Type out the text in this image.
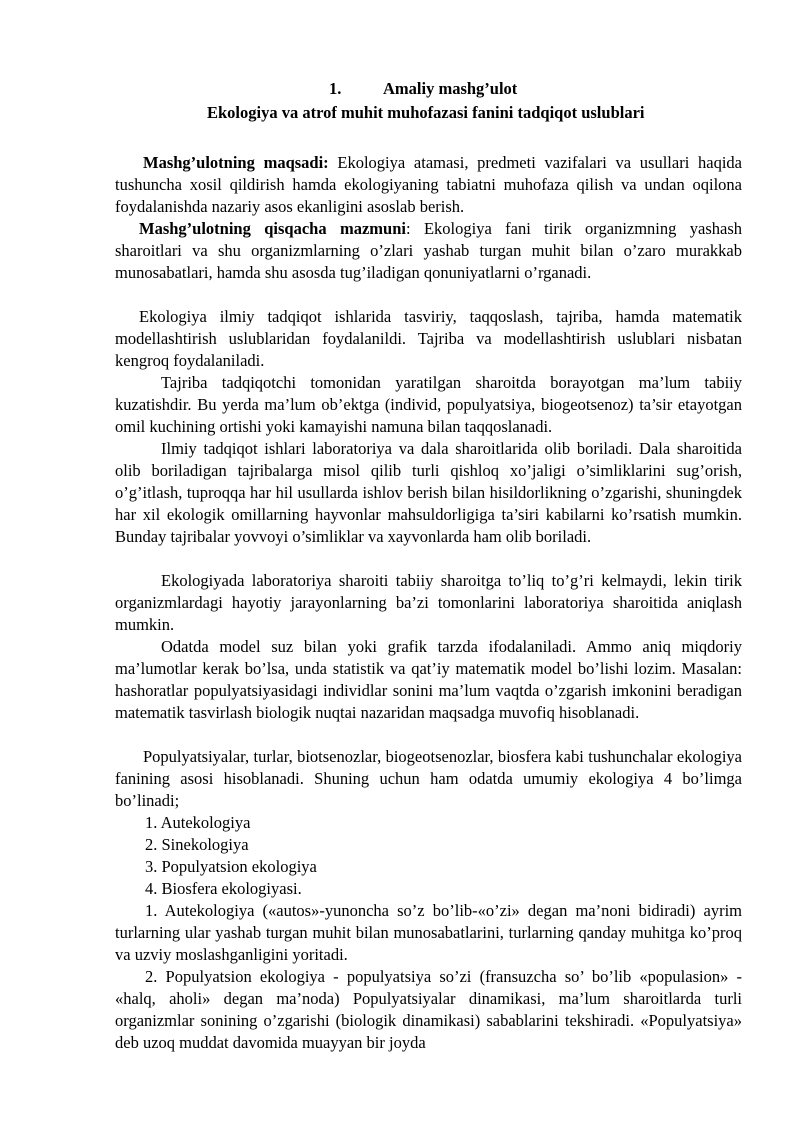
1.	Amaliy mashg’ulot
Ekologiya va atrof muhit muhofazasi fanini tadqiqot uslublari

Mashg’ulotning maqsadi: Ekologiya atamasi, predmeti vazifalari va usullari haqida tushuncha xosil qildirish hamda ekologiyaning tabiatni muhofaza qilish va undan oqilona foydalanishda nazariy asos ekanligini asoslab berish.

Mashg’ulotning qisqacha mazmuni: Ekologiya fani tirik organizmning yashash sharoitlari va shu organizmlarning o’zlari yashab turgan muhit bilan o’zaro murakkab munosabatlari, hamda shu asosda tug’iladigan qonuniyatlarni o’rganadi.

Ekologiya ilmiy tadqiqot ishlarida tasviriy, taqqoslash, tajriba, hamda matematik modellashtirish uslublaridan foydalanildi. Tajriba va modellashtirish uslublari nisbatan kengroq foydalaniladi.

Tajriba tadqiqotchi tomonidan yaratilgan sharoitda borayotgan ma’lum tabiiy kuzatishdir. Bu yerda ma’lum ob’ektga (individ, populyatsiya, biogeotsenoz) ta’sir etayotgan omil kuchining ortishi yoki kamayishi namuna bilan taqqoslanadi.

Ilmiy tadqiqot ishlari laboratoriya va dala sharoitlarida olib boriladi. Dala sharoitida olib boriladigan tajribalarga misol qilib turli qishloq xo’jaligi o’simliklarini sug’orish, o’g’itlash, tuproqqa har hil usullarda ishlov berish bilan hisildorlikning o’zgarishi, shuningdek har xil ekologik omillarning hayvonlar mahsuldorligiga ta’siri kabilarni ko’rsatish mumkin. Bunday tajribalar yovvoyi o’simliklar va xayvonlarda ham olib boriladi.

Ekologiyada laboratoriya sharoiti tabiiy sharoitga to’liq to’g’ri kelmaydi, lekin tirik organizmlardagi hayotiy jarayonlarning ba’zi tomonlarini laboratoriya sharoitida aniqlash mumkin.

Odatda model suz bilan yoki grafik tarzda ifodalaniladi. Ammo aniq miqdoriy ma’lumotlar kerak bo’lsa, unda statistik va qat’iy matematik model bo’lishi lozim. Masalan: hashoratlar populyatsiyasidagi individlar sonini ma’lum vaqtda o’zgarish imkonini beradigan matematik tasvirlash biologik nuqtai nazaridan maqsadga muvofiq hisoblanadi.

Populyatsiyalar, turlar, biotsenozlar, biogeotsenozlar, biosfera kabi tushunchalar ekologiya fanining asosi hisoblanadi. Shuning uchun ham odatda umumiy ekologiya 4 bo’limga bo’linadi;

1. Autekologiya

2. Sinekologiya

3. Populyatsion ekologiya

4. Biosfera ekologiyasi.

1. Autekologiya («autos»-yunoncha so’z bo’lib-«o’zi» degan ma’noni bidiradi) ayrim turlarning ular yashab turgan muhit bilan munosabatlarini, turlarning qanday muhitga ko’proq va uzviy moslashganligini yoritadi.

2. Populyatsion ekologiya - populyatsiya so’zi (fransuzcha so’ bo’lib «populasion» - «halq, aholi» degan ma’noda) Populyatsiyalar dinamikasi, ma’lum sharoitlarda turli organizmlar sonining o’zgarishi (biologik dinamikasi) sabablarini tekshiradi. «Populyatsiya» deb uzoq muddat davomida muayyan bir joyda
